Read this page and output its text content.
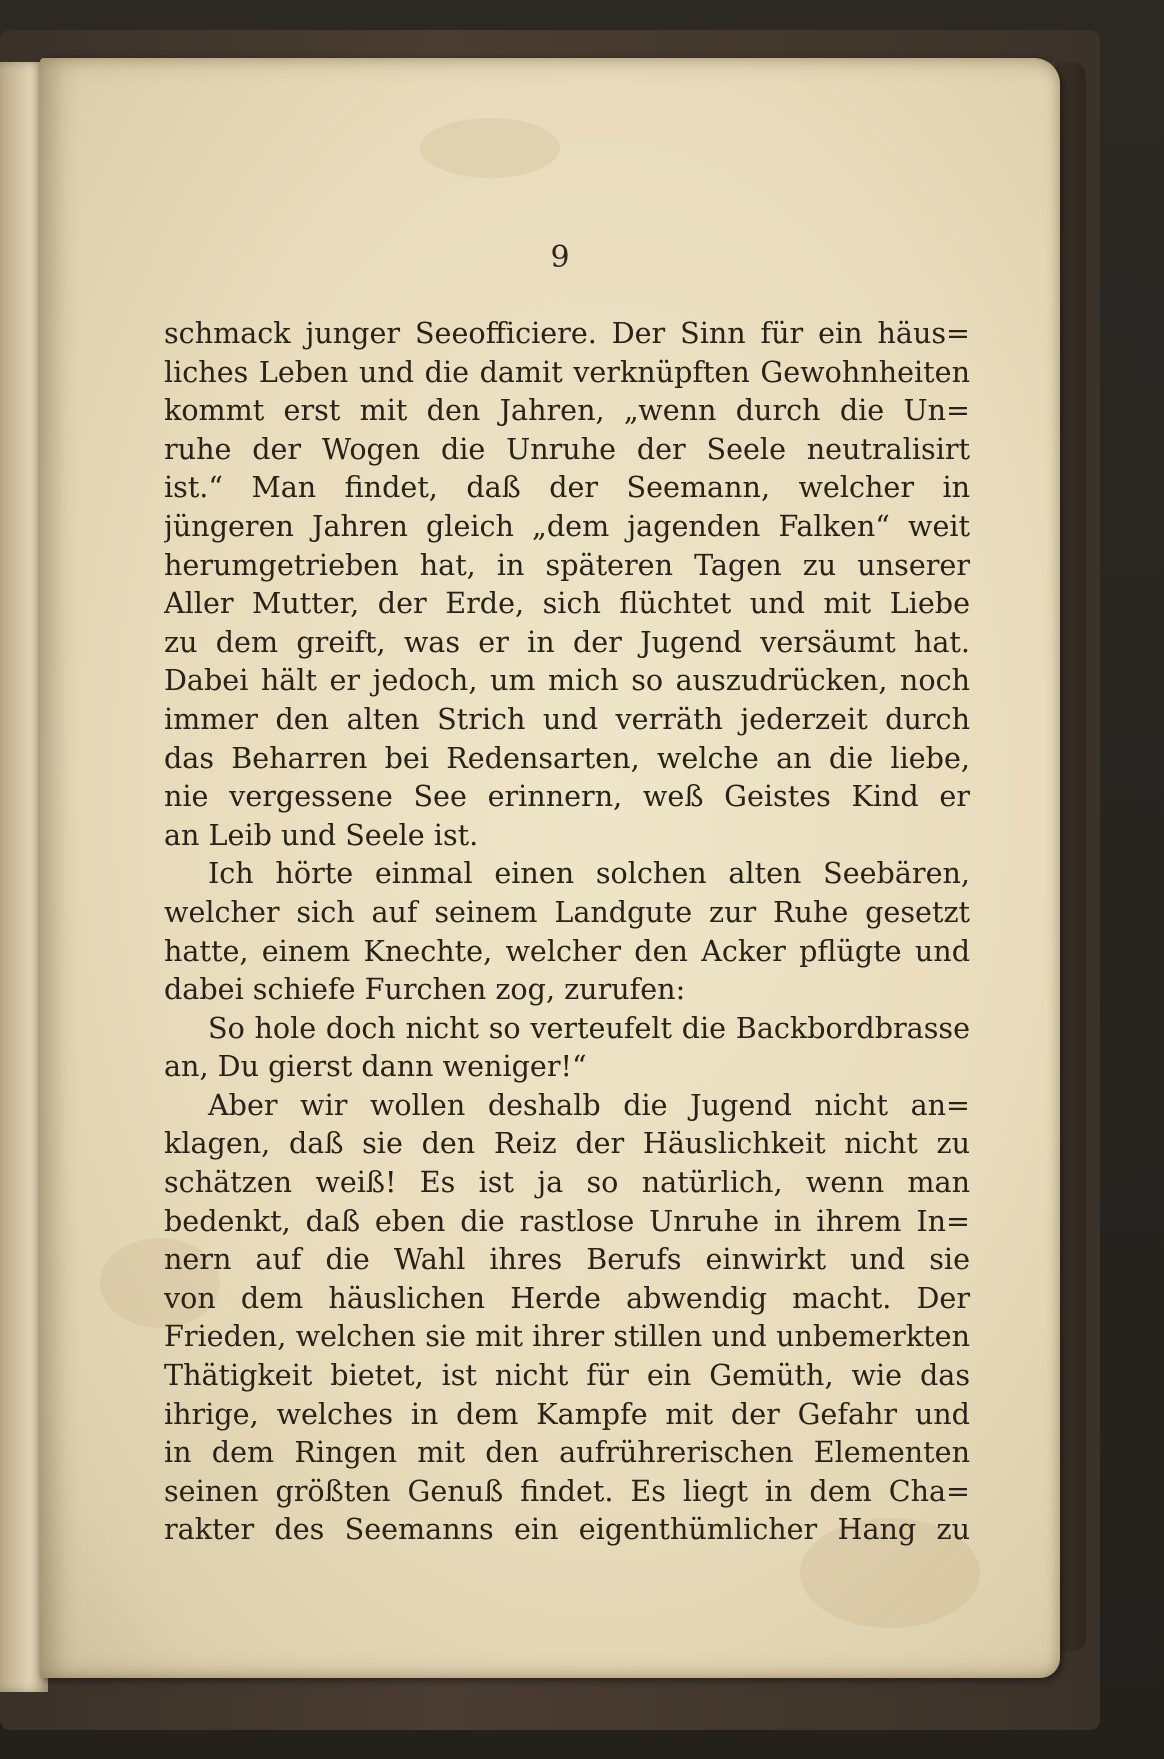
9
schmack junger Seeofficiere. Der Sinn für ein häus=
liches Leben und die damit verknüpften Gewohnheiten
kommt erst mit den Jahren, „wenn durch die Un=
ruhe der Wogen die Unruhe der Seele neutralisirt
ist.“ Man findet, daß der Seemann, welcher in
jüngeren Jahren gleich „dem jagenden Falken“ weit
herumgetrieben hat, in späteren Tagen zu unserer
Aller Mutter, der Erde, sich flüchtet und mit Liebe
zu dem greift, was er in der Jugend versäumt hat.
Dabei hält er jedoch, um mich so auszudrücken, noch
immer den alten Strich und verräth jederzeit durch
das Beharren bei Redensarten, welche an die liebe,
nie vergessene See erinnern, weß Geistes Kind er
an Leib und Seele ist.
Ich hörte einmal einen solchen alten Seebären,
welcher sich auf seinem Landgute zur Ruhe gesetzt
hatte, einem Knechte, welcher den Acker pflügte und
dabei schiefe Furchen zog, zurufen:
So hole doch nicht so verteufelt die Backbordbrasse
an, Du gierst dann weniger!“
Aber wir wollen deshalb die Jugend nicht an=
klagen, daß sie den Reiz der Häuslichkeit nicht zu
schätzen weiß! Es ist ja so natürlich, wenn man
bedenkt, daß eben die rastlose Unruhe in ihrem In=
nern auf die Wahl ihres Berufs einwirkt und sie
von dem häuslichen Herde abwendig macht. Der
Frieden, welchen sie mit ihrer stillen und unbemerkten
Thätigkeit bietet, ist nicht für ein Gemüth, wie das
ihrige, welches in dem Kampfe mit der Gefahr und
in dem Ringen mit den aufrührerischen Elementen
seinen größten Genuß findet. Es liegt in dem Cha=
rakter des Seemanns ein eigenthümlicher Hang zu
